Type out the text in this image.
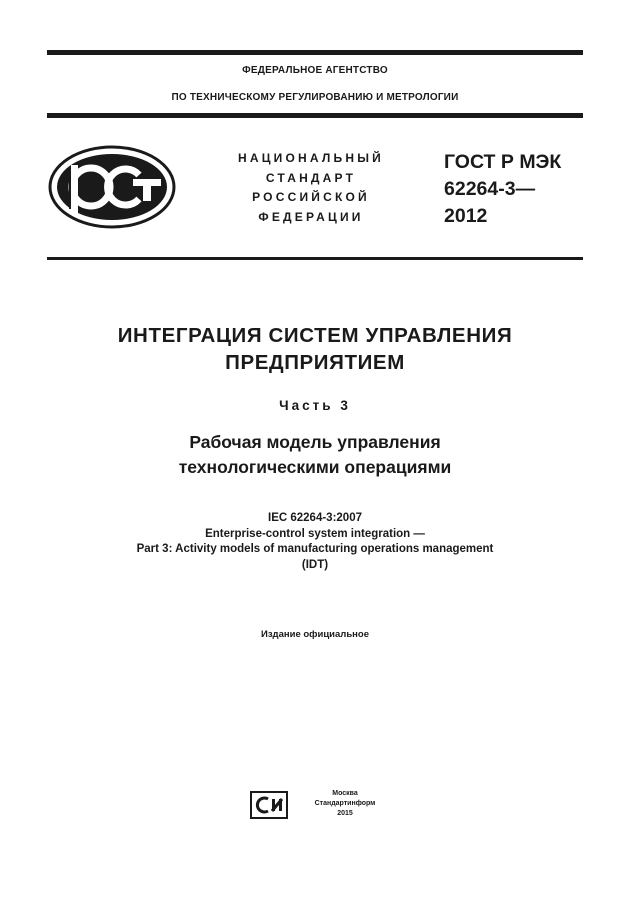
ФЕДЕРАЛЬНОЕ АГЕНТСТВО
ПО ТЕХНИЧЕСКОМУ РЕГУЛИРОВАНИЮ И МЕТРОЛОГИИ
НАЦИОНАЛЬНЫЙ
СТАНДАРТ
РОССИЙСКОЙ
ФЕДЕРАЦИИ
ГОСТ Р МЭК
62264-3—
2012
ИНТЕГРАЦИЯ СИСТЕМ УПРАВЛЕНИЯ
ПРЕДПРИЯТИЕМ
Часть 3
Рабочая модель управления
технологическими операциями
IEC 62264-3:2007
Enterprise-control system integration —
Part 3: Activity models of manufacturing operations management
(IDT)
Издание официальное
Москва
Стандартинформ
2015
